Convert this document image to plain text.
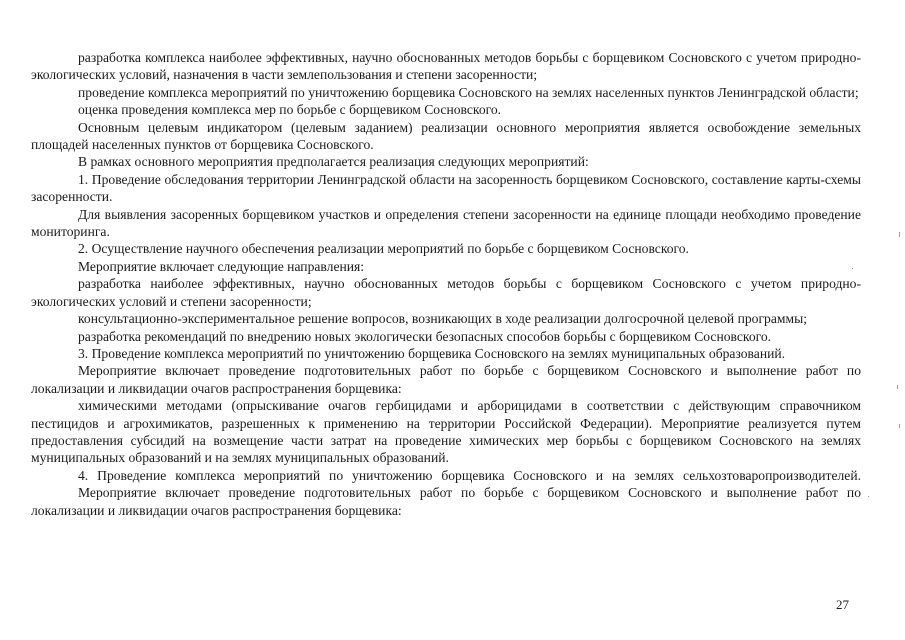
разработка комплекса наиболее эффективных, научно обоснованных методов борьбы с борщевиком Сосновского с учетом природно-экологических условий, назначения в части землепользования и степени засоренности;

проведение комплекса мероприятий по уничтожению борщевика Сосновского на землях населенных пунктов Ленинградской области;

оценка проведения комплекса мер по борьбе с борщевиком Сосновского.

Основным целевым индикатором (целевым заданием) реализации основного мероприятия является освобождение земельных площадей населенных пунктов от борщевика Сосновского.

В рамках основного мероприятия предполагается реализация следующих мероприятий:

1. Проведение обследования территории Ленинградской области на засоренность борщевиком Сосновского, составление карты-схемы засоренности.

Для выявления засоренных борщевиком участков и определения степени засоренности на единице площади необходимо проведение мониторинга.

2. Осуществление научного обеспечения реализации мероприятий по борьбе с борщевиком Сосновского.

Мероприятие включает следующие направления:

разработка наиболее эффективных, научно обоснованных методов борьбы с борщевиком Сосновского с учетом природно-экологических условий и степени засоренности;

консультационно-экспериментальное решение вопросов, возникающих в ходе реализации долгосрочной целевой программы;

разработка рекомендаций по внедрению новых экологически безопасных способов борьбы с борщевиком Сосновского.

3. Проведение комплекса мероприятий по уничтожению борщевика Сосновского на землях муниципальных образований.

Мероприятие включает проведение подготовительных работ по борьбе с борщевиком Сосновского и выполнение работ по локализации и ликвидации очагов распространения борщевика:

химическими методами (опрыскивание очагов гербицидами и арборицидами в соответствии с действующим справочником пестицидов и агрохимикатов, разрешенных к применению на территории Российской Федерации). Мероприятие реализуется путем предоставления субсидий на возмещение части затрат на проведение химических мер борьбы с борщевиком Сосновского на землях муниципальных образований и на землях муниципальных образований.

4. Проведение комплекса мероприятий по уничтожению борщевика Сосновского и на землях сельхозтоваропроизводителей.

Мероприятие включает проведение подготовительных работ по борьбе с борщевиком Сосновского и выполнение работ по локализации и ликвидации очагов распространения борщевика:

27
